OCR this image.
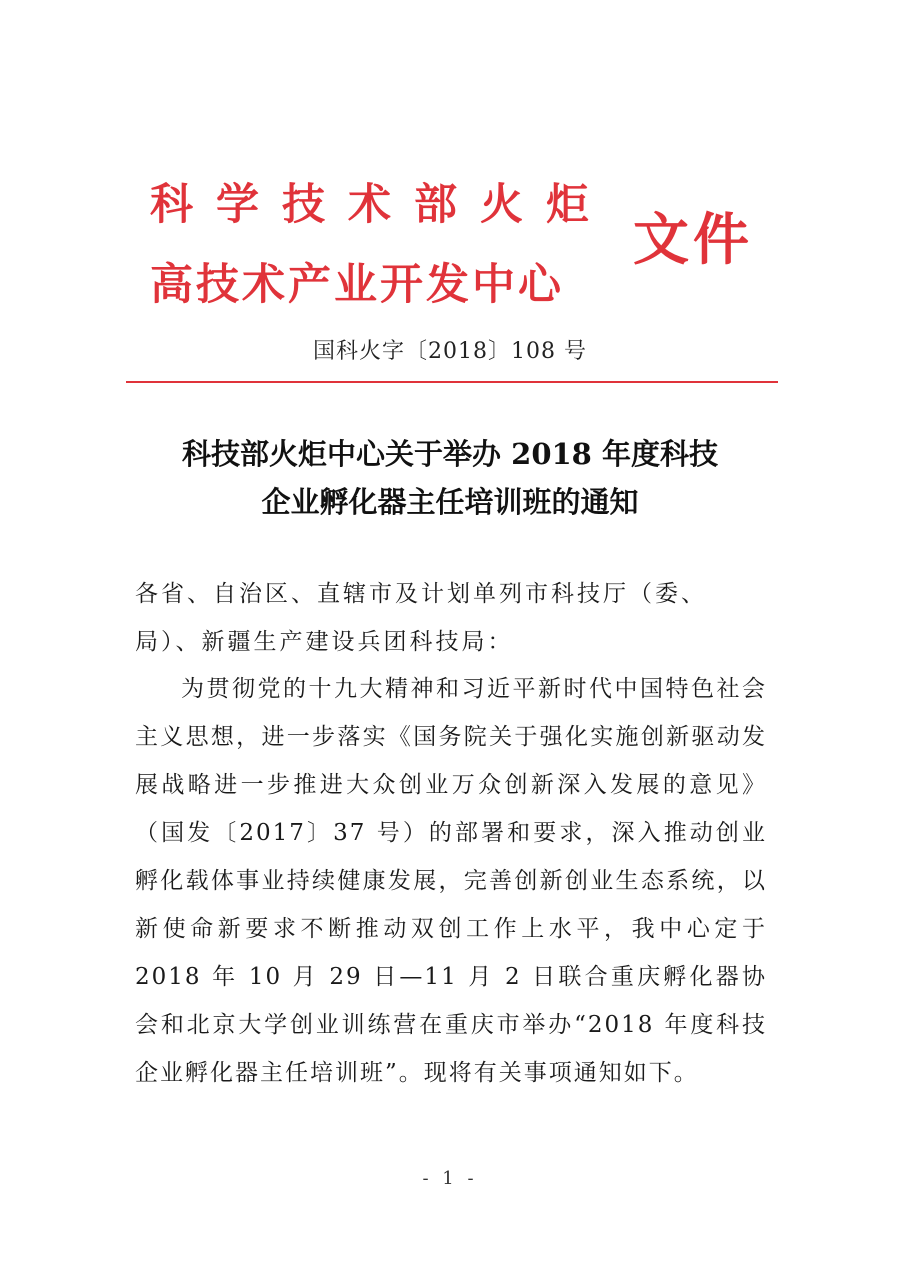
科学技术部火炬
高技术产业开发中心
文件
国科火字〔2018〕108 号
科技部火炬中心关于举办 2018 年度科技
企业孵化器主任培训班的通知
各省、自治区、直辖市及计划单列市科技厅（委、局）、新疆生产建设兵团科技局：
为贯彻党的十九大精神和习近平新时代中国特色社会主义思想，进一步落实《国务院关于强化实施创新驱动发展战略进一步推进大众创业万众创新深入发展的意见》（国发〔2017〕37 号）的部署和要求，深入推动创业孵化载体事业持续健康发展，完善创新创业生态系统，以新使命新要求不断推动双创工作上水平，我中心定于 2018 年 10 月 29 日—11 月 2 日联合重庆孵化器协会和北京大学创业训练营在重庆市举办“2018 年度科技企业孵化器主任培训班”。现将有关事项通知如下。
- 1 -
